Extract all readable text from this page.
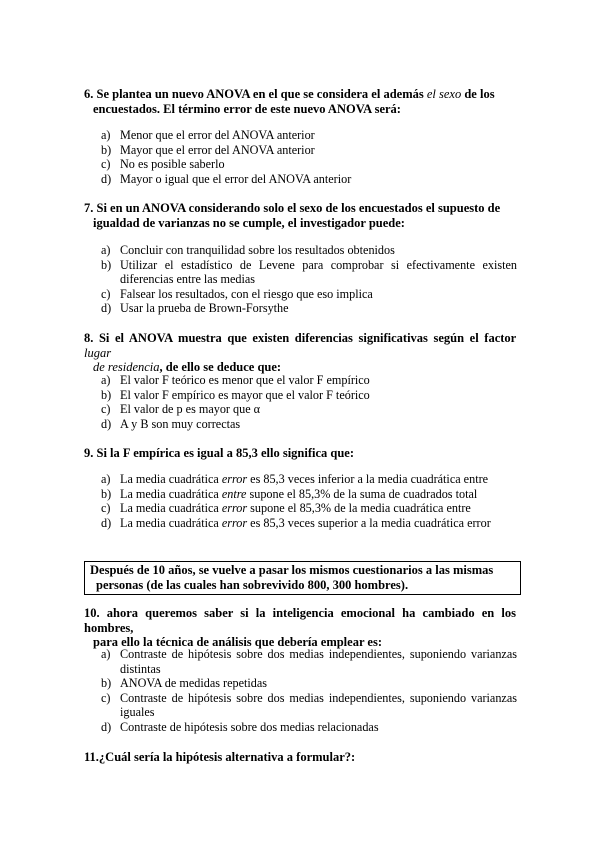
6. Se plantea un nuevo ANOVA en el que se considera el además el sexo de los
encuestados. El término error de este nuevo ANOVA será:
a) Menor que el error del ANOVA anterior
b) Mayor que el error del ANOVA anterior
c) No es posible saberlo
d) Mayor o igual que el error del ANOVA anterior
7. Si en un ANOVA considerando solo el sexo de los encuestados el supuesto de
igualdad de varianzas no se cumple, el investigador puede:
a) Concluir con tranquilidad sobre los resultados obtenidos
b) Utilizar el estadístico de Levene para comprobar si efectivamente existen diferencias entre las medias
c) Falsear los resultados, con el riesgo que eso implica
d) Usar la prueba de Brown-Forsythe
8. Si el ANOVA muestra que existen diferencias significativas según el factor lugar
de residencia, de ello se deduce que:
a) El valor F teórico es menor que el valor F empírico
b) El valor F empírico es mayor que el valor F teórico
c) El valor de p es mayor que α
d) A y B son muy correctas
9. Si la F empírica es igual a 85,3 ello significa que:
a) La media cuadrática error es 85,3 veces inferior a la media cuadrática entre
b) La media cuadrática entre supone el 85,3% de la suma de cuadrados total
c) La media cuadrática error supone el 85,3% de la media cuadrática entre
d) La media cuadrática error es 85,3 veces superior a la media cuadrática error
Después de 10 años, se vuelve a pasar los mismos cuestionarios a las mismas
personas (de las cuales han sobrevivido 800, 300 hombres).
10. ahora queremos saber si la inteligencia emocional ha cambiado en los hombres,
para ello la técnica de análisis que debería emplear es:
a) Contraste de hipótesis sobre dos medias independientes, suponiendo varianzas distintas
b) ANOVA de medidas repetidas
c) Contraste de hipótesis sobre dos medias independientes, suponiendo varianzas iguales
d) Contraste de hipótesis sobre dos medias relacionadas
11.¿Cuál sería la hipótesis alternativa a formular?:
